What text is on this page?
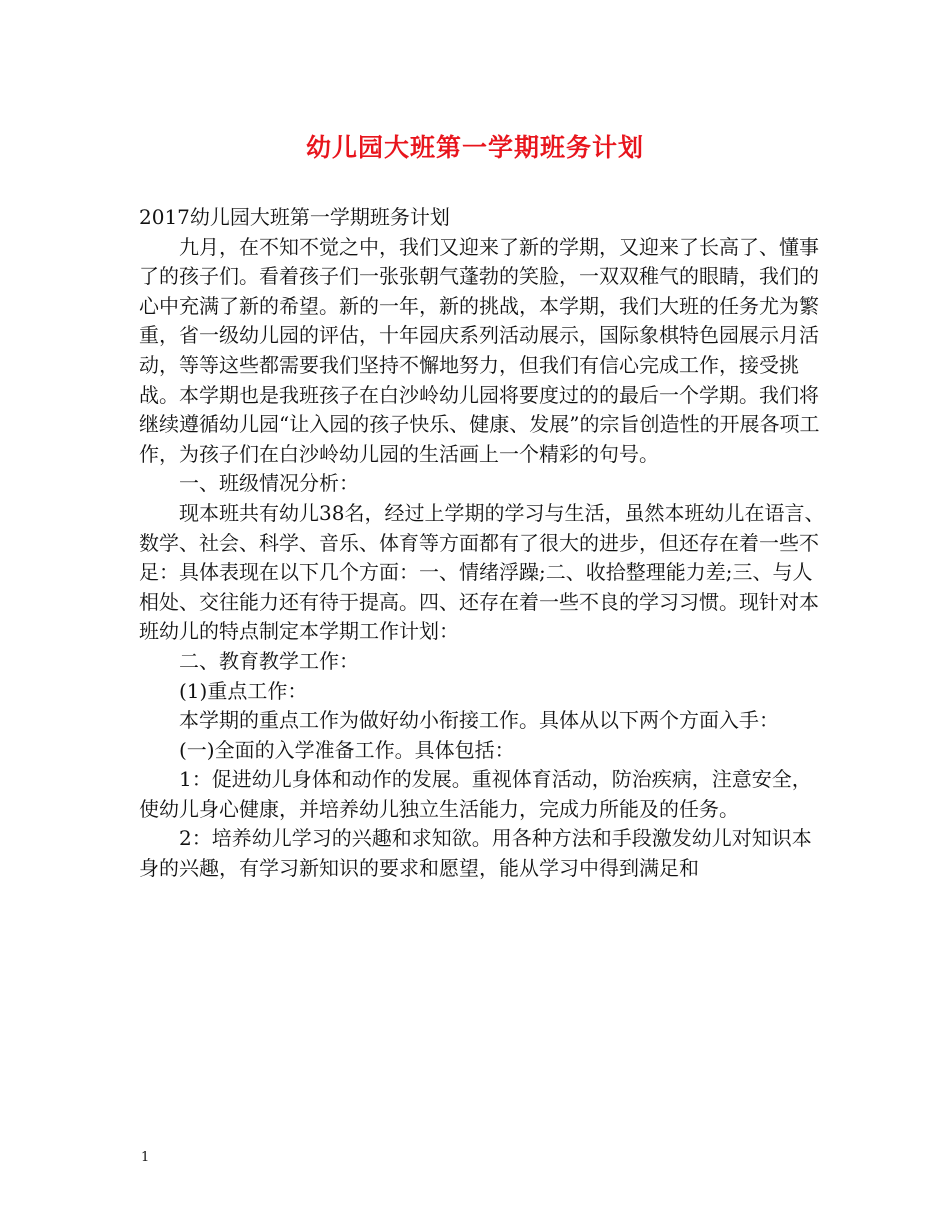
幼儿园大班第一学期班务计划

2017幼儿园大班第一学期班务计划

九月，在不知不觉之中，我们又迎来了新的学期，又迎来了长高了、懂事了的孩子们。看着孩子们一张张朝气蓬勃的笑脸，一双双稚气的眼睛，我们的心中充满了新的希望。新的一年，新的挑战，本学期，我们大班的任务尤为繁重，省一级幼儿园的评估，十年园庆系列活动展示，国际象棋特色园展示月活动，等等这些都需要我们坚持不懈地努力，但我们有信心完成工作，接受挑战。本学期也是我班孩子在白沙岭幼儿园将要度过的的最后一个学期。我们将继续遵循幼儿园“让入园的孩子快乐、健康、发展”的宗旨创造性的开展各项工作，为孩子们在白沙岭幼儿园的生活画上一个精彩的句号。

一、班级情况分析：

现本班共有幼儿38名，经过上学期的学习与生活，虽然本班幼儿在语言、数学、社会、科学、音乐、体育等方面都有了很大的进步，但还存在着一些不足：具体表现在以下几个方面：一、情绪浮躁;二、收拾整理能力差;三、与人相处、交往能力还有待于提高。四、还存在着一些不良的学习习惯。现针对本班幼儿的特点制定本学期工作计划：

二、教育教学工作：

(1)重点工作：

本学期的重点工作为做好幼小衔接工作。具体从以下两个方面入手：

(一)全面的入学准备工作。具体包括：

1：促进幼儿身体和动作的发展。重视体育活动，防治疾病，注意安全，使幼儿身心健康，并培养幼儿独立生活能力，完成力所能及的任务。

2：培养幼儿学习的兴趣和求知欲。用各种方法和手段激发幼儿对知识本身的兴趣，有学习新知识的要求和愿望，能从学习中得到满足和

1
